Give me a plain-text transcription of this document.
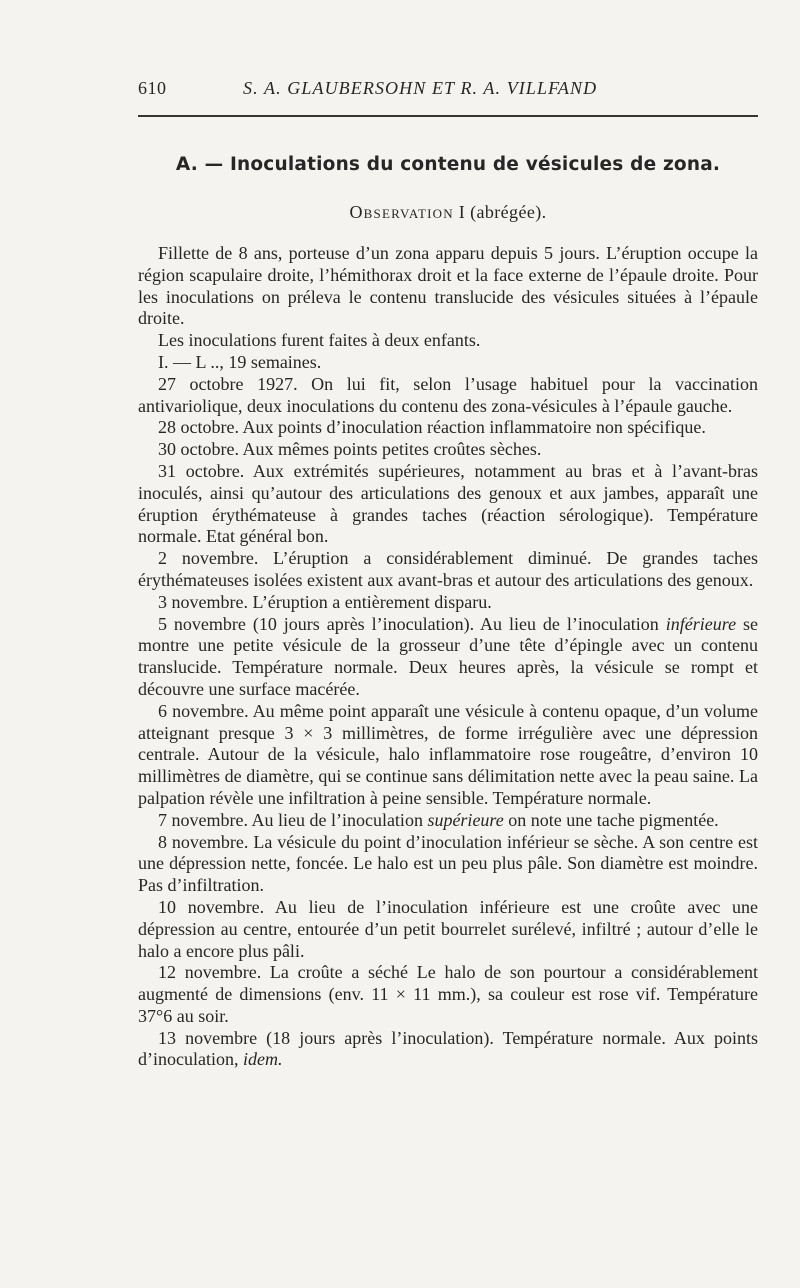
610	S. A. GLAUBERSOHN ET R. A. VILLFAND
A. — Inoculations du contenu de vésicules de zona.
Observation I (abrégée).

Fillette de 8 ans, porteuse d’un zona apparu depuis 5 jours. L’éruption occupe la région scapulaire droite, l’hémithorax droit et la face externe de l’épaule droite. Pour les inoculations on préleva le contenu translucide des vésicules situées à l’épaule droite.

Les inoculations furent faites à deux enfants.

I. — L .., 19 semaines.

27 octobre 1927. On lui fit, selon l’usage habituel pour la vaccination antivariolique, deux inoculations du contenu des zona-vésicules à l’épaule gauche.

28 octobre. Aux points d’inoculation réaction inflammatoire non spécifique.

30 octobre. Aux mêmes points petites croûtes sèches.

31 octobre. Aux extrémités supérieures, notamment au bras et à l’avant-bras inoculés, ainsi qu’autour des articulations des genoux et aux jambes, apparaît une éruption érythémateuse à grandes taches (réaction sérologique). Température normale. Etat général bon.

2 novembre. L’éruption a considérablement diminué. De grandes taches érythémateuses isolées existent aux avant-bras et autour des articulations des genoux.

3 novembre. L’éruption a entièrement disparu.

5 novembre (10 jours après l’inoculation). Au lieu de l’inoculation inférieure se montre une petite vésicule de la grosseur d’une tête d’épingle avec un contenu translucide. Température normale. Deux heures après, la vésicule se rompt et découvre une surface macérée.

6 novembre. Au même point apparaît une vésicule à contenu opaque, d’un volume atteignant presque 3 × 3 millimètres, de forme irrégulière avec une dépression centrale. Autour de la vésicule, halo inflammatoire rose rougeâtre, d’environ 10 millimètres de diamètre, qui se continue sans délimitation nette avec la peau saine. La palpation révèle une infiltration à peine sensible. Température normale.

7 novembre. Au lieu de l’inoculation supérieure on note une tache pigmentée.

8 novembre. La vésicule du point d’inoculation inférieur se sèche. A son centre est une dépression nette, foncée. Le halo est un peu plus pâle. Son diamètre est moindre. Pas d’infiltration.

10 novembre. Au lieu de l’inoculation inférieure est une croûte avec une dépression au centre, entourée d’un petit bourrelet surélevé, infiltré ; autour d’elle le halo a encore plus pâli.

12 novembre. La croûte a séché Le halo de son pourtour a considérablement augmenté de dimensions (env. 11 × 11 mm.), sa couleur est rose vif. Température 37°6 au soir.

13 novembre (18 jours après l’inoculation). Température normale. Aux points d’inoculation, idem.
